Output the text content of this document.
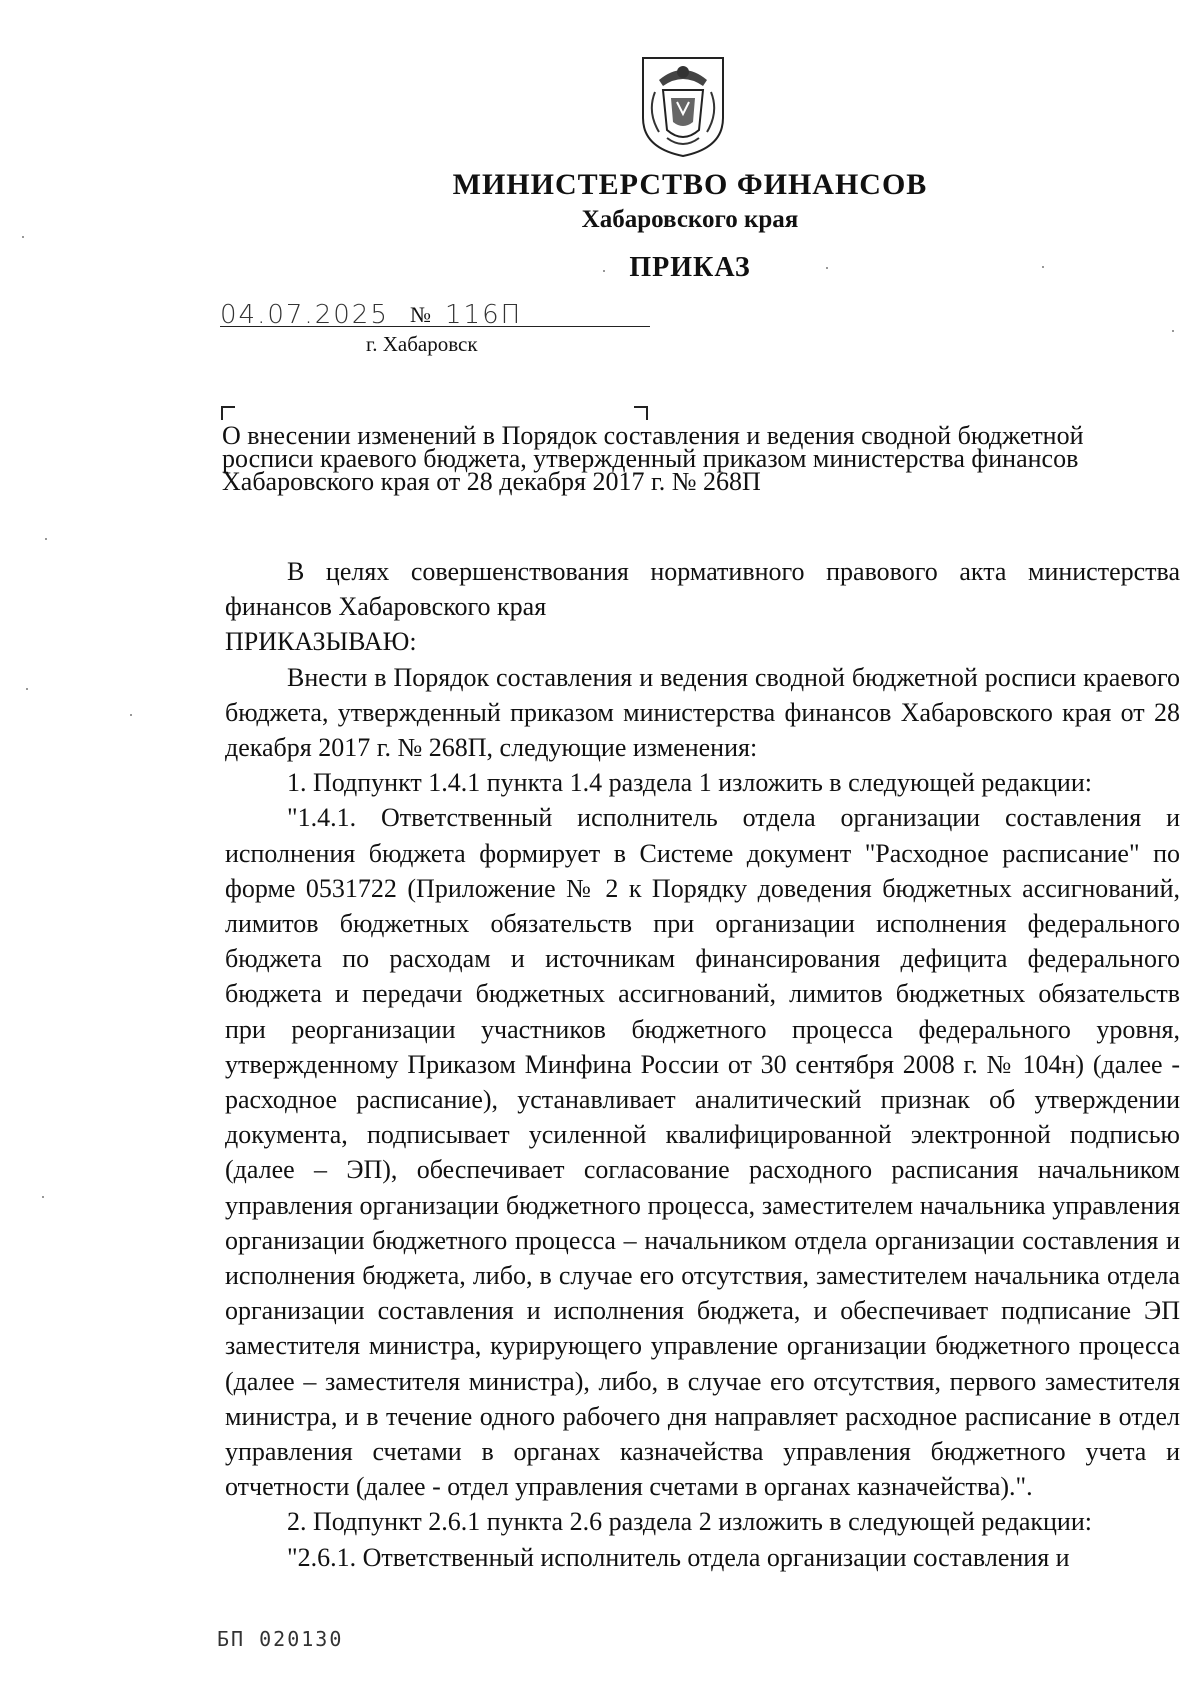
МИНИСТЕРСТВО ФИНАНСОВ
Хабаровского края
ПРИКАЗ
04.07.2025 № 116П
г. Хабаровск

О внесении изменений в Порядок составления и ведения сводной бюджетной росписи краевого бюджета, утвержденный приказом министерства финансов Хабаровского края от 28 декабря 2017 г. № 268П

В целях совершенствования нормативного правового акта министерства финансов Хабаровского края

ПРИКАЗЫВАЮ:

Внести в Порядок составления и ведения сводной бюджетной росписи краевого бюджета, утвержденный приказом министерства финансов Хабаровского края от 28 декабря 2017 г. № 268П, следующие изменения:

1. Подпункт 1.4.1 пункта 1.4 раздела 1 изложить в следующей редакции:

"1.4.1. Ответственный исполнитель отдела организации составления и исполнения бюджета формирует в Системе документ "Расходное расписание" по форме 0531722 (Приложение № 2 к Порядку доведения бюджетных ассигнований, лимитов бюджетных обязательств при организации исполнения федерального бюджета по расходам и источникам финансирования дефицита федерального бюджета и передачи бюджетных ассигнований, лимитов бюджетных обязательств при реорганизации участников бюджетного процесса федерального уровня, утвержденному Приказом Минфина России от 30 сентября 2008 г. № 104н) (далее - расходное расписание), устанавливает аналитический признак об утверждении документа, подписывает усиленной квалифицированной электронной подписью (далее – ЭП), обеспечивает согласование расходного расписания начальником управления организации бюджетного процесса, заместителем начальника управления организации бюджетного процесса – начальником отдела организации составления и исполнения бюджета, либо, в случае его отсутствия, заместителем начальника отдела организации составления и исполнения бюджета, и обеспечивает подписание ЭП заместителя министра, курирующего управление организации бюджетного процесса (далее – заместителя министра), либо, в случае его отсутствия, первого заместителя министра, и в течение одного рабочего дня направляет расходное расписание в отдел управления счетами в органах казначейства управления бюджетного учета и отчетности (далее - отдел управления счетами в органах казначейства).".

2. Подпункт 2.6.1 пункта 2.6 раздела 2 изложить в следующей редакции:

"2.6.1. Ответственный исполнитель отдела организации составления и

БП 020130
